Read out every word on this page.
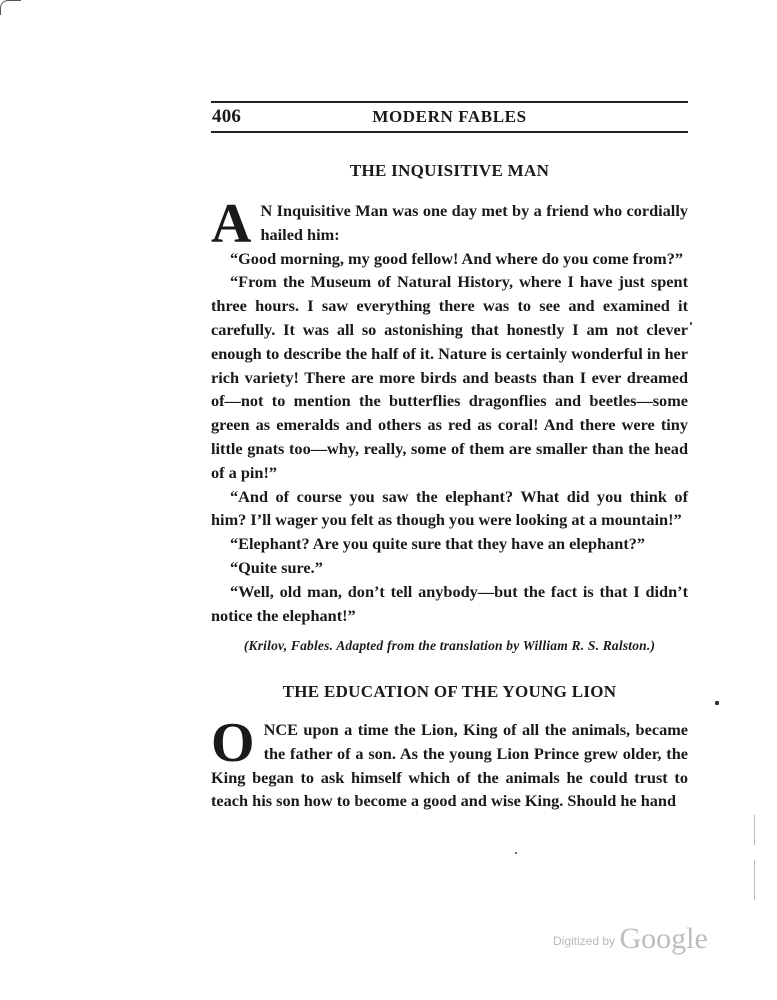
406	MODERN FABLES
THE INQUISITIVE MAN

A N Inquisitive Man was one day met by a friend who cordially hailed him:

“Good morning, my good fellow! And where do you come from?”

“From the Museum of Natural History, where I have just spent three hours. I saw everything there was to see and examined it carefully. It was all so astonishing that honestly I am not clever enough to describe the half of it. Nature is certainly wonderful in her rich variety! There are more birds and beasts than I ever dreamed of—not to mention the butterflies dragonflies and beetles—some green as emeralds and others as red as coral! And there were tiny little gnats too—why, really, some of them are smaller than the head of a pin!”

“And of course you saw the elephant? What did you think of him? I’ll wager you felt as though you were looking at a mountain!”

“Elephant? Are you quite sure that they have an elephant?”

“Quite sure.”

“Well, old man, don’t tell anybody—but the fact is that I didn’t notice the elephant!”

(Krilov, Fables. Adapted from the translation by William R. S. Ralston.)
THE EDUCATION OF THE YOUNG LION

ONCE upon a time the Lion, King of all the animals, became the father of a son. As the young Lion Prince grew older, the King began to ask himself which of the animals he could trust to teach his son how to become a good and wise King. Should he hand

Digitized by Google
